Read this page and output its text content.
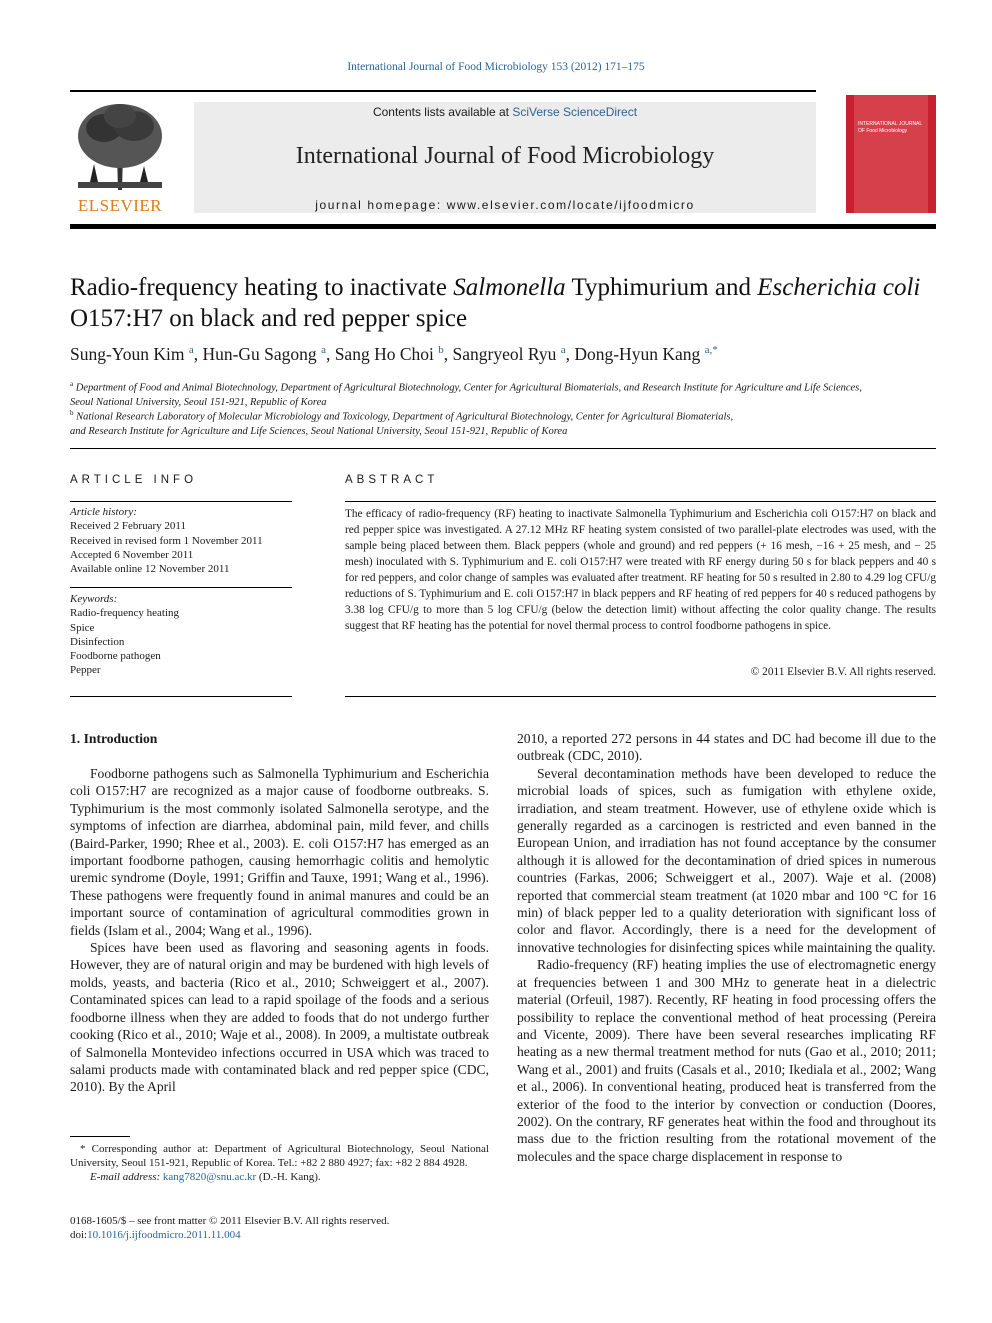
International Journal of Food Microbiology 153 (2012) 171–175
ELSEVIER
Contents lists available at SciVerse ScienceDirect
International Journal of Food Microbiology
journal homepage: www.elsevier.com/locate/ijfoodmicro
INTERNATIONAL JOURNAL OF Food Microbiology
Radio-frequency heating to inactivate Salmonella Typhimurium and Escherichia coli
O157:H7 on black and red pepper spice
Sung-Youn Kim $^a$, Hun-Gu Sagong $^a$, Sang Ho Choi $^b$, Sangryeol Ryu $^a$, Dong-Hyun Kang $^{a,*}$
$^a$ Department of Food and Animal Biotechnology, Department of Agricultural Biotechnology, Center for Agricultural Biomaterials, and Research Institute for Agriculture and Life Sciences,
Seoul National University, Seoul 151-921, Republic of Korea
$^b$ National Research Laboratory of Molecular Microbiology and Toxicology, Department of Agricultural Biotechnology, Center for Agricultural Biomaterials,
and Research Institute for Agriculture and Life Sciences, Seoul National University, Seoul 151-921, Republic of Korea
ARTICLE INFO
Article history:
Received 2 February 2011
Received in revised form 1 November 2011
Accepted 6 November 2011
Available online 12 November 2011
Keywords:
Radio-frequency heating
Spice
Disinfection
Foodborne pathogen
Pepper
ABSTRACT
The efficacy of radio-frequency (RF) heating to inactivate Salmonella Typhimurium and Escherichia coli O157:H7 on black and red pepper spice was investigated. A 27.12 MHz RF heating system consisted of two parallel-plate electrodes was used, with the sample being placed between them. Black peppers (whole and ground) and red peppers (+ 16 mesh, −16 + 25 mesh, and − 25 mesh) inoculated with S. Typhimurium and E. coli O157:H7 were treated with RF energy during 50 s for black peppers and 40 s for red peppers, and color change of samples was evaluated after treatment. RF heating for 50 s resulted in 2.80 to 4.29 log CFU/g reductions of S. Typhimurium and E. coli O157:H7 in black peppers and RF heating of red peppers for 40 s reduced pathogens by 3.38 log CFU/g to more than 5 log CFU/g (below the detection limit) without affecting the color quality change. The results suggest that RF heating has the potential for novel thermal process to control foodborne pathogens in spice.
© 2011 Elsevier B.V. All rights reserved.
1. Introduction

Foodborne pathogens such as Salmonella Typhimurium and Escherichia coli O157:H7 are recognized as a major cause of foodborne outbreaks. S. Typhimurium is the most commonly isolated Salmonella serotype, and the symptoms of infection are diarrhea, abdominal pain, mild fever, and chills (Baird-Parker, 1990; Rhee et al., 2003). E. coli O157:H7 has emerged as an important foodborne pathogen, causing hemorrhagic colitis and hemolytic uremic syndrome (Doyle, 1991; Griffin and Tauxe, 1991; Wang et al., 1996). These pathogens were frequently found in animal manures and could be an important source of contamination of agricultural commodities grown in fields (Islam et al., 2004; Wang et al., 1996).

Spices have been used as flavoring and seasoning agents in foods. However, they are of natural origin and may be burdened with high levels of molds, yeasts, and bacteria (Rico et al., 2010; Schweiggert et al., 2007). Contaminated spices can lead to a rapid spoilage of the foods and a serious foodborne illness when they are added to foods that do not undergo further cooking (Rico et al., 2010; Waje et al., 2008). In 2009, a multistate outbreak of Salmonella Montevideo infections occurred in USA which was traced to salami products made with contaminated black and red pepper spice (CDC, 2010). By the April

2010, a reported 272 persons in 44 states and DC had become ill due to the outbreak (CDC, 2010).

Several decontamination methods have been developed to reduce the microbial loads of spices, such as fumigation with ethylene oxide, irradiation, and steam treatment. However, use of ethylene oxide which is generally regarded as a carcinogen is restricted and even banned in the European Union, and irradiation has not found acceptance by the consumer although it is allowed for the decontamination of dried spices in numerous countries (Farkas, 2006; Schweiggert et al., 2007). Waje et al. (2008) reported that commercial steam treatment (at 1020 mbar and 100 °C for 16 min) of black pepper led to a quality deterioration with significant loss of color and flavor. Accordingly, there is a need for the development of innovative technologies for disinfecting spices while maintaining the quality.

Radio-frequency (RF) heating implies the use of electromagnetic energy at frequencies between 1 and 300 MHz to generate heat in a dielectric material (Orfeuil, 1987). Recently, RF heating in food processing offers the possibility to replace the conventional method of heat processing (Pereira and Vicente, 2009). There have been several researches implicating RF heating as a new thermal treatment method for nuts (Gao et al., 2010; 2011; Wang et al., 2001) and fruits (Casals et al., 2010; Ikediala et al., 2002; Wang et al., 2006). In conventional heating, produced heat is transferred from the exterior of the food to the interior by convection or conduction (Doores, 2002). On the contrary, RF generates heat within the food and throughout its mass due to the friction resulting from the rotational movement of the molecules and the space charge displacement in response to

* Corresponding author at: Department of Agricultural Biotechnology, Seoul National University, Seoul 151-921, Republic of Korea. Tel.: +82 2 880 4927; fax: +82 2 884 4928.
E-mail address: kang7820@snu.ac.kr (D.-H. Kang).
0168-1605/$ – see front matter © 2011 Elsevier B.V. All rights reserved.
doi:10.1016/j.ijfoodmicro.2011.11.004
